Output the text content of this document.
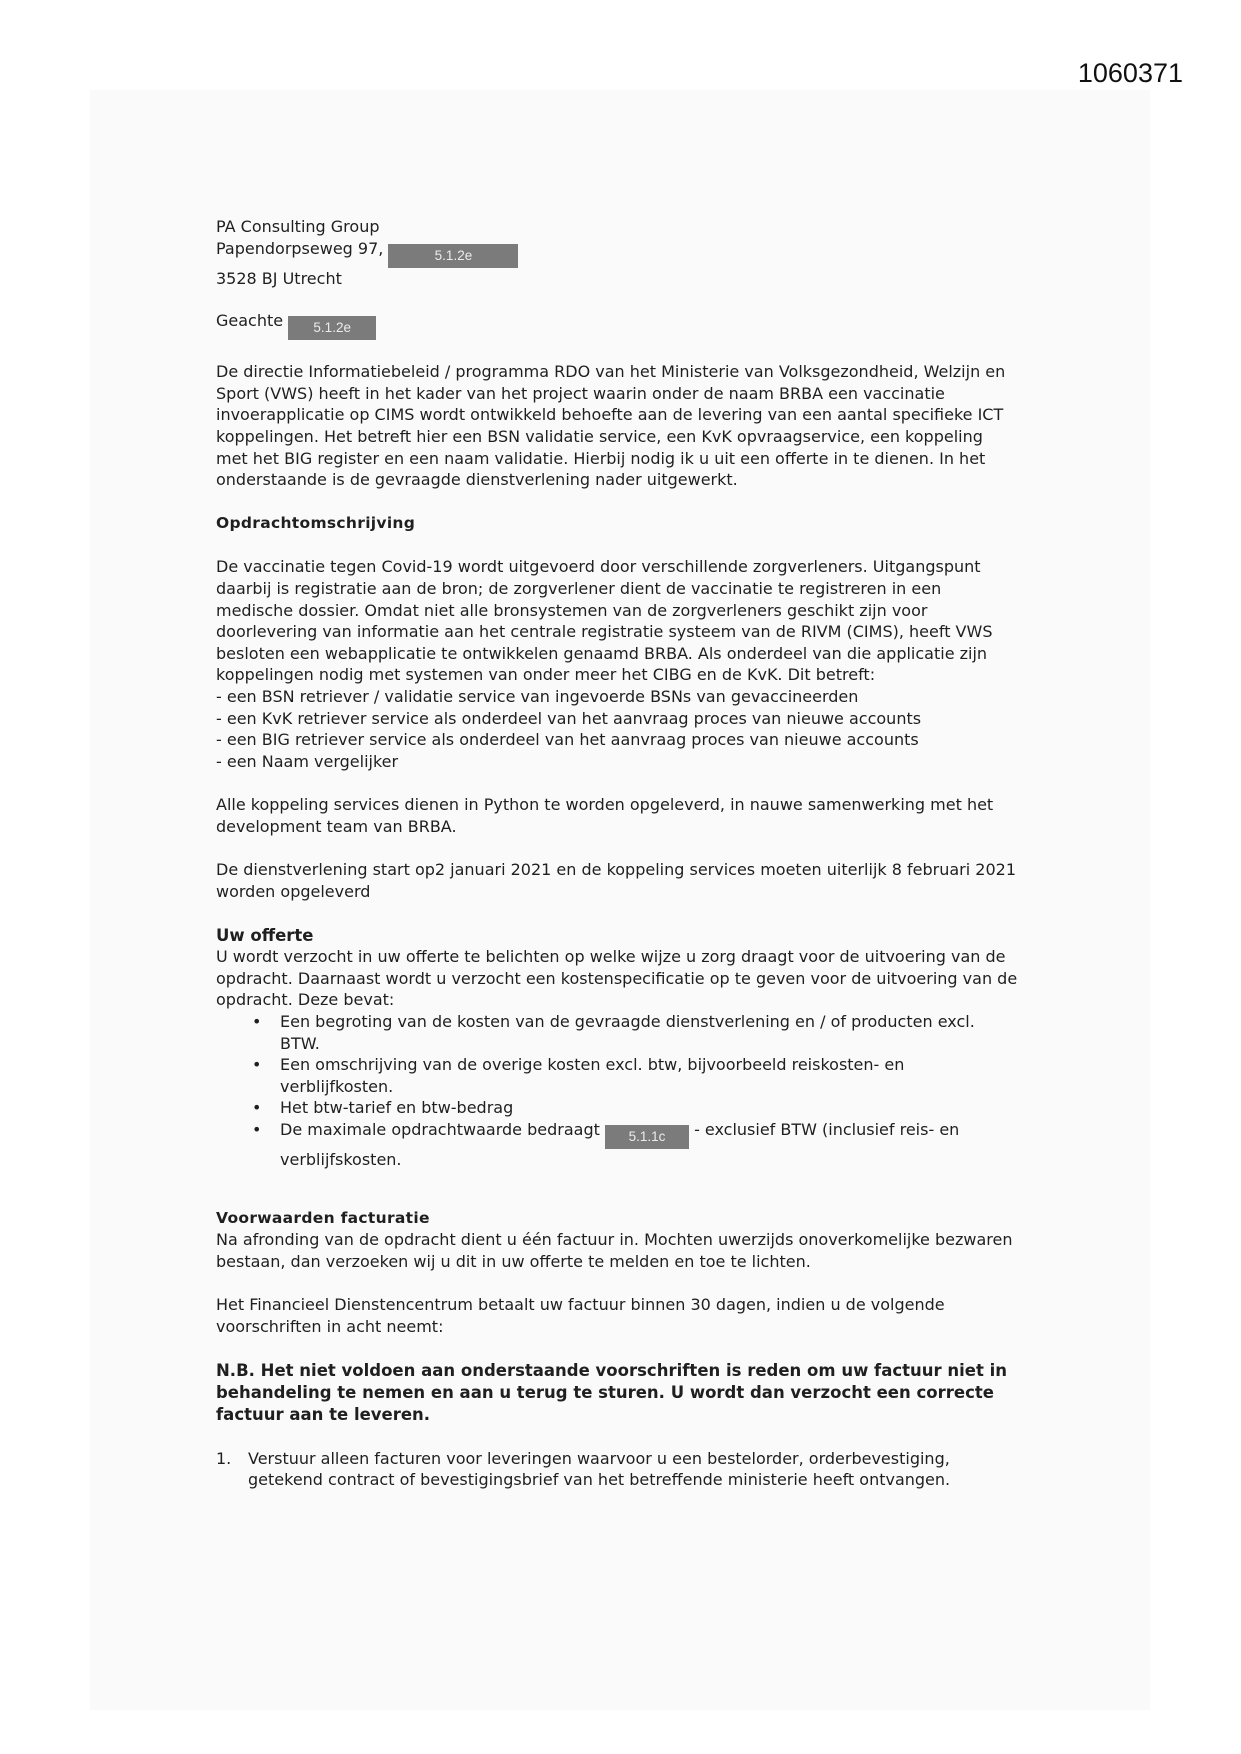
1060371

PA Consulting Group

Papendorpseweg 97,	5.1.2e

3528 BJ Utrecht

Geachte 5.1.2e

De directie Informatiebeleid / programma RDO van het Ministerie van Volksgezondheid, Welzijn en

Sport (VWS) heeft in het kader van het project waarin onder de naam BRBA een vaccinatie

invoerapplicatie op CIMS wordt ontwikkeld behoefte aan de levering van een aantal specifieke ICT

koppelingen. Het betreft hier een BSN validatie service, een KvK opvraagservice, een koppeling

met het BIG register en een naam validatie. Hierbij nodig ik u uit een offerte in te dienen. In het

onderstaande is de gevraagde dienstverlening nader uitgewerkt.

Opdrachtomschrijving

De vaccinatie tegen Covid-19 wordt uitgevoerd door verschillende zorgverleners. Uitgangspunt

daarbij is registratie aan de bron; de zorgverlener dient de vaccinatie te registreren in een

medische dossier. Omdat niet alle bronsystemen van de zorgverleners geschikt zijn voor

doorlevering van informatie aan het centrale registratie systeem van de RIVM (CIMS), heeft VWS

besloten een webapplicatie te ontwikkelen genaamd BRBA. Als onderdeel van die applicatie zijn

koppelingen nodig met systemen van onder meer het CIBG en de KvK. Dit betreft:

- een BSN retriever / validatie service van ingevoerde BSNs van gevaccineerden

- een KvK retriever service als onderdeel van het aanvraag proces van nieuwe accounts

- een BIG retriever service als onderdeel van het aanvraag proces van nieuwe accounts

- een Naam vergelijker

Alle koppeling services dienen in Python te worden opgeleverd, in nauwe samenwerking met het

development team van BRBA.

De dienstverlening start op2 januari 2021 en de koppeling services moeten uiterlijk 8 februari 2021

worden opgeleverd

Uw offerte

U wordt verzocht in uw offerte te belichten op welke wijze u zorg draagt voor de uitvoering van de

opdracht. Daarnaast wordt u verzocht een kostenspecificatie op te geven voor de uitvoering van de

opdracht. Deze bevat:

• Een begroting van de kosten van de gevraagde dienstverlening en / of producten excl.

BTW.

• Een omschrijving van de overige kosten excl. btw, bijvoorbeeld reiskosten- en

verblijfkosten.

• Het btw-tarief en btw-bedrag

• De maximale opdrachtwaarde bedraagt 5.1.1c - exclusief BTW (inclusief reis- en

verblijfskosten.

Voorwaarden facturatie

Na afronding van de opdracht dient u één factuur in. Mochten uwerzijds onoverkomelijke bezwaren

bestaan, dan verzoeken wij u dit in uw offerte te melden en toe te lichten.

Het Financieel Dienstencentrum betaalt uw factuur binnen 30 dagen, indien u de volgende

voorschriften in acht neemt:

N.B. Het niet voldoen aan onderstaande voorschriften is reden om uw factuur niet in

behandeling te nemen en aan u terug te sturen. U wordt dan verzocht een correcte

factuur aan te leveren.

1. Verstuur alleen facturen voor leveringen waarvoor u een bestelorder, orderbevestiging,

getekend contract of bevestigingsbrief van het betreffende ministerie heeft ontvangen.
